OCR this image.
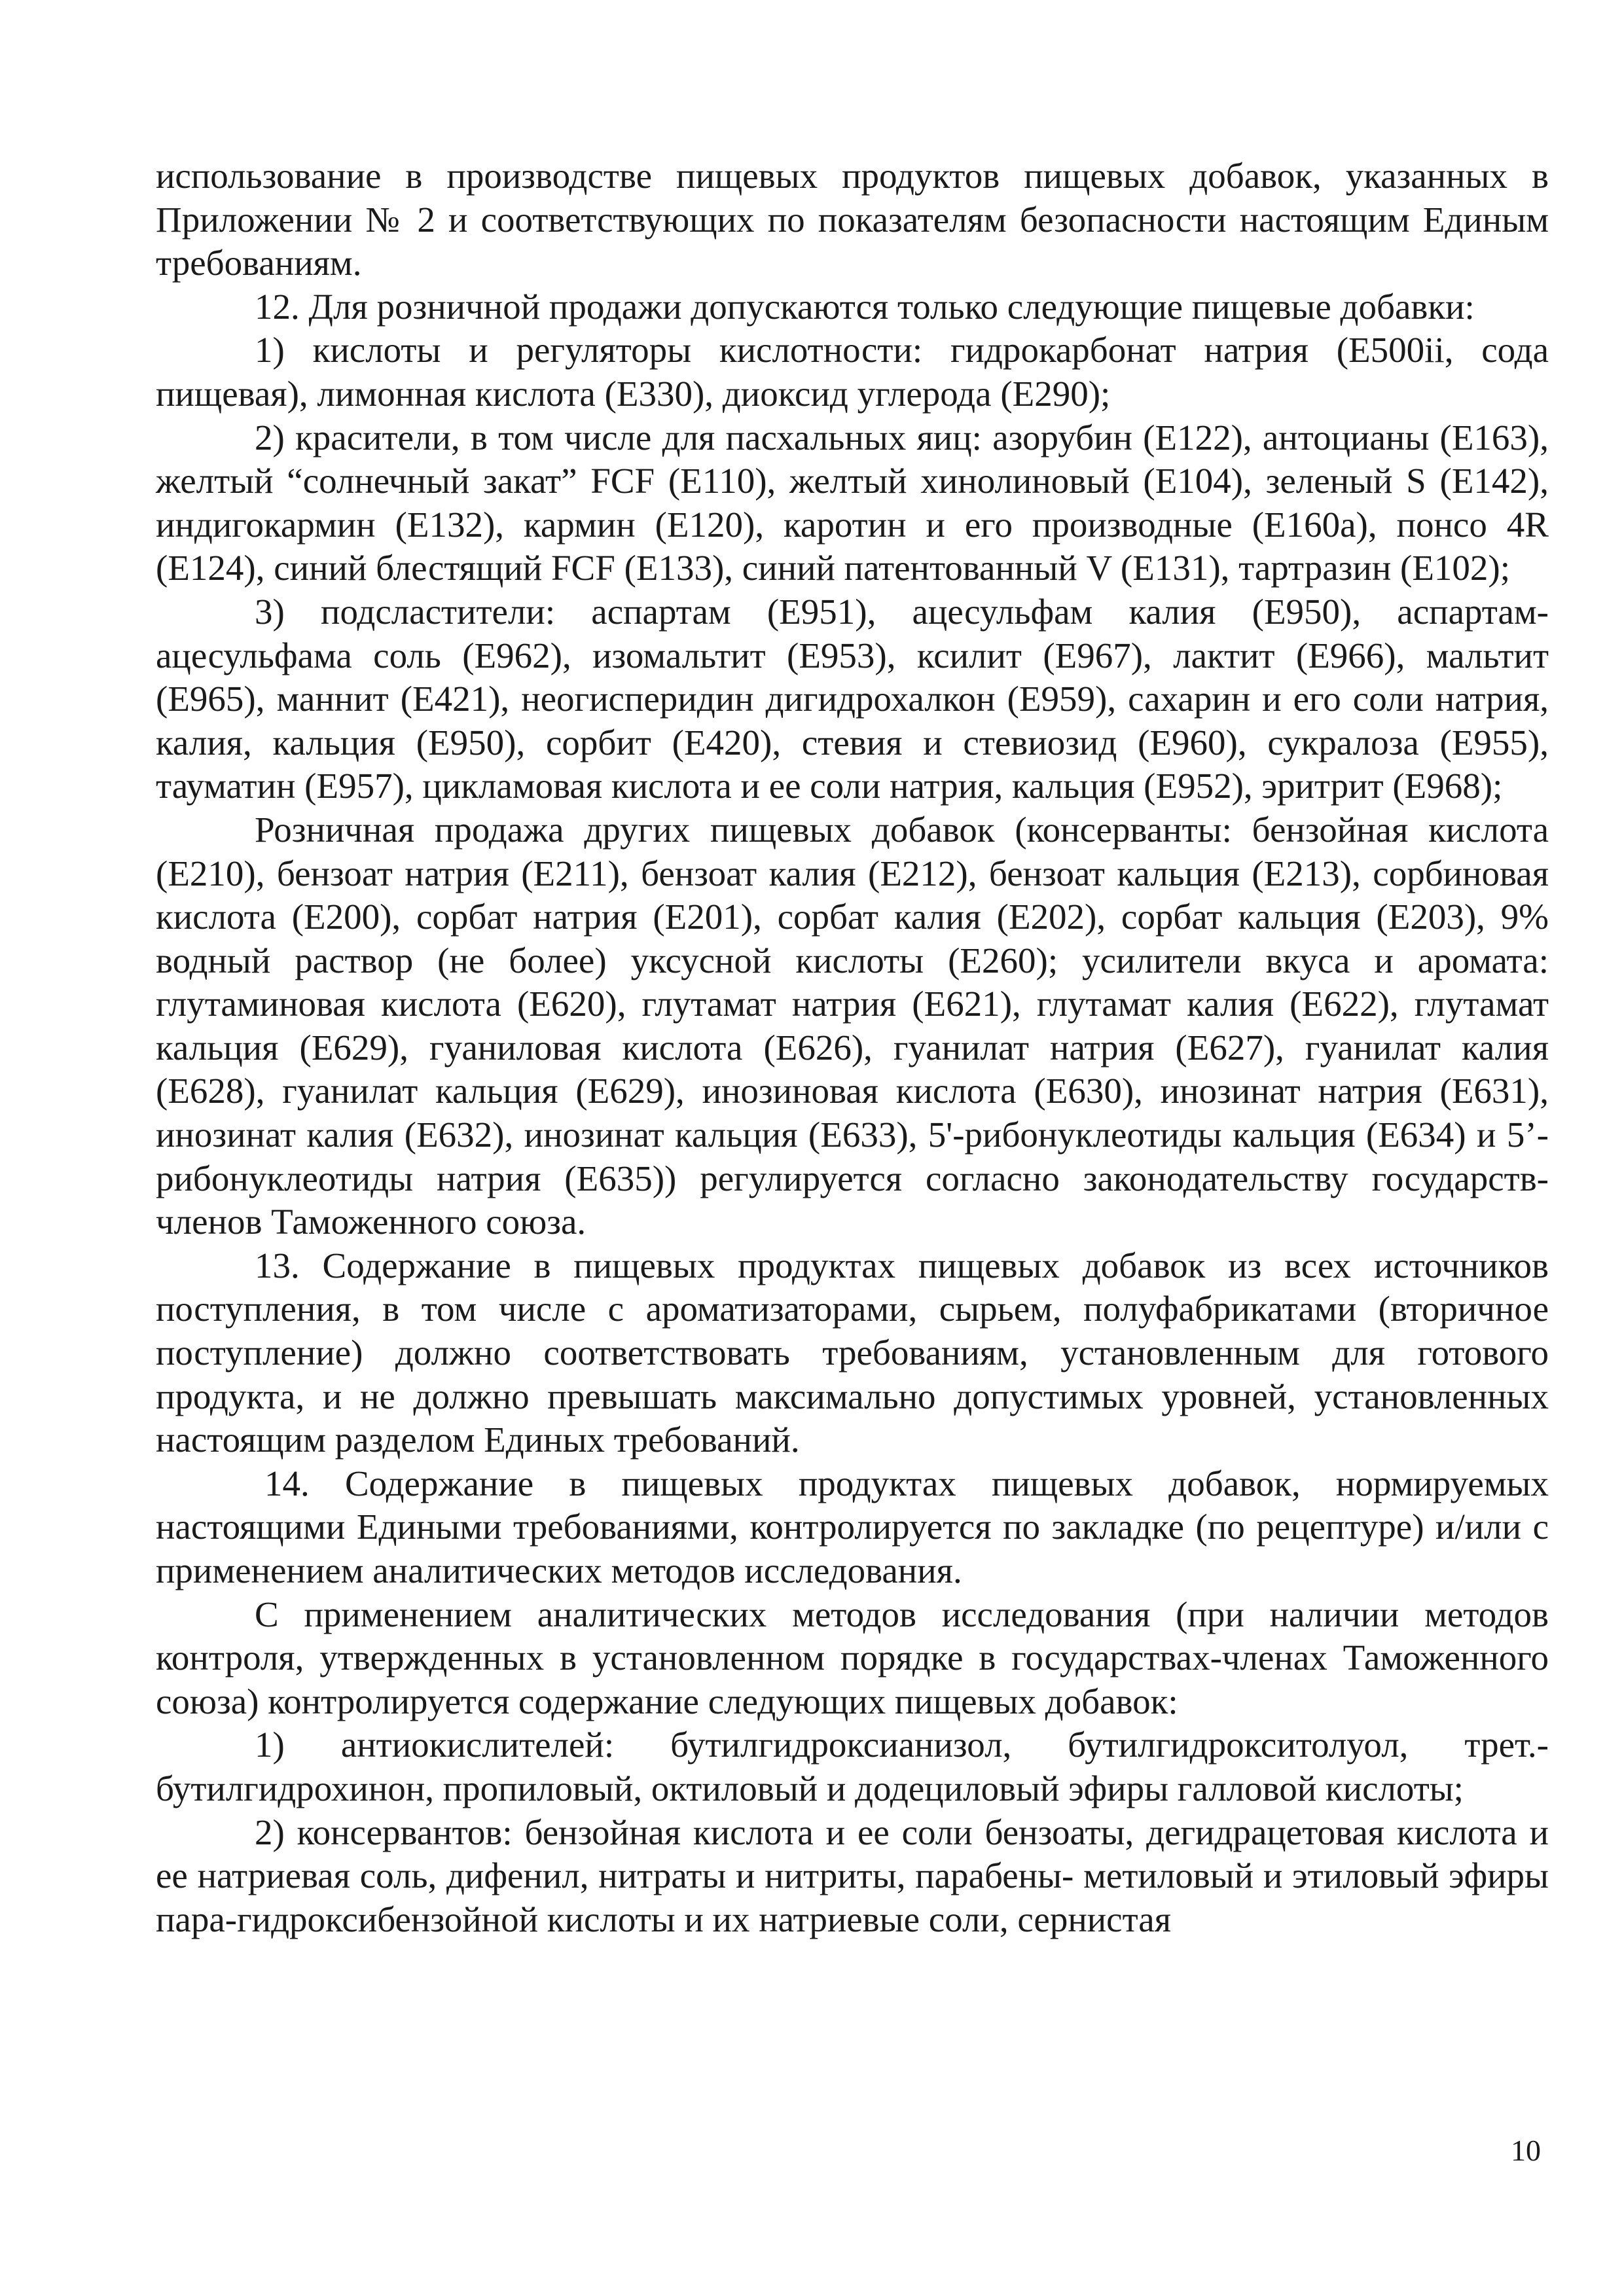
использование в производстве пищевых продуктов пищевых добавок, указанных в Приложении № 2 и соответствующих по показателям безопасности настоящим Единым требованиям.

12. Для розничной продажи допускаются только следующие пищевые добавки:

1) кислоты и регуляторы кислотности: гидрокарбонат натрия (Е500ii, сода пищевая), лимонная кислота (Е330), диоксид углерода (Е290);

2) красители, в том числе для пасхальных яиц: азорубин (Е122), антоцианы (Е163), желтый “солнечный закат” FCF (Е110), желтый хинолиновый (Е104), зеленый S (Е142), индигокармин (Е132), кармин (Е120), каротин и его производные (Е160а), понсо 4R (Е124), синий блестящий FCF (Е133), синий патентованный V (Е131), тартразин (Е102);

3) подсластители: аспартам (Е951), ацесульфам калия (Е950), аспартам-ацесульфама соль (Е962), изомальтит (Е953), ксилит (Е967), лактит (Е966), мальтит (Е965), маннит (Е421), неогисперидин дигидрохалкон (Е959), сахарин и его соли натрия, калия, кальция (Е950), сорбит (Е420), стевия и стевиозид (Е960), сукралоза (Е955), тауматин (Е957), цикламовая кислота и ее соли натрия, кальция (Е952), эритрит (Е968);

Розничная продажа других пищевых добавок (консерванты: бензойная кислота (Е210), бензоат натрия (Е211), бензоат калия (Е212), бензоат кальция (Е213), сорбиновая кислота (Е200), сорбат натрия (Е201), сорбат калия (Е202), сорбат кальция (Е203), 9% водный раствор (не более) уксусной кислоты (Е260); усилители вкуса и аромата: глутаминовая кислота (Е620), глутамат натрия (Е621), глутамат калия (Е622), глутамат кальция (Е629), гуаниловая кислота (Е626), гуанилат натрия (Е627), гуанилат калия (Е628), гуанилат кальция (Е629), инозиновая кислота (Е630), инозинат натрия (Е631), инозинат калия (Е632), инозинат кальция (Е633), 5'-рибонуклеотиды кальция (Е634) и 5’-рибонуклеотиды натрия (Е635)) регулируется согласно законодательству государств-членов Таможенного союза.

13. Содержание в пищевых продуктах пищевых добавок из всех источников поступления, в том числе с ароматизаторами, сырьем, полуфабрикатами (вторичное поступление) должно соответствовать требованиям, установленным для готового продукта, и не должно превышать максимально допустимых уровней, установленных настоящим разделом Единых требований.

14. Содержание в пищевых продуктах пищевых добавок, нормируемых настоящими Едиными требованиями, контролируется по закладке (по рецептуре) и/или с применением аналитических методов исследования.

С применением аналитических методов исследования (при наличии методов контроля, утвержденных в установленном порядке в государствах-членах Таможенного союза) контролируется содержание следующих пищевых добавок:

1) антиокислителей: бутилгидроксианизол, бутилгидрокситолуол, трет.-бутилгидрохинон, пропиловый, октиловый и додециловый эфиры галловой кислоты;

2) консервантов: бензойная кислота и ее соли бензоаты, дегидрацетовая кислота и ее натриевая соль, дифенил, нитраты и нитриты, парабены- метиловый и этиловый эфиры пара-гидроксибензойной кислоты и их натриевые соли, сернистая

10
